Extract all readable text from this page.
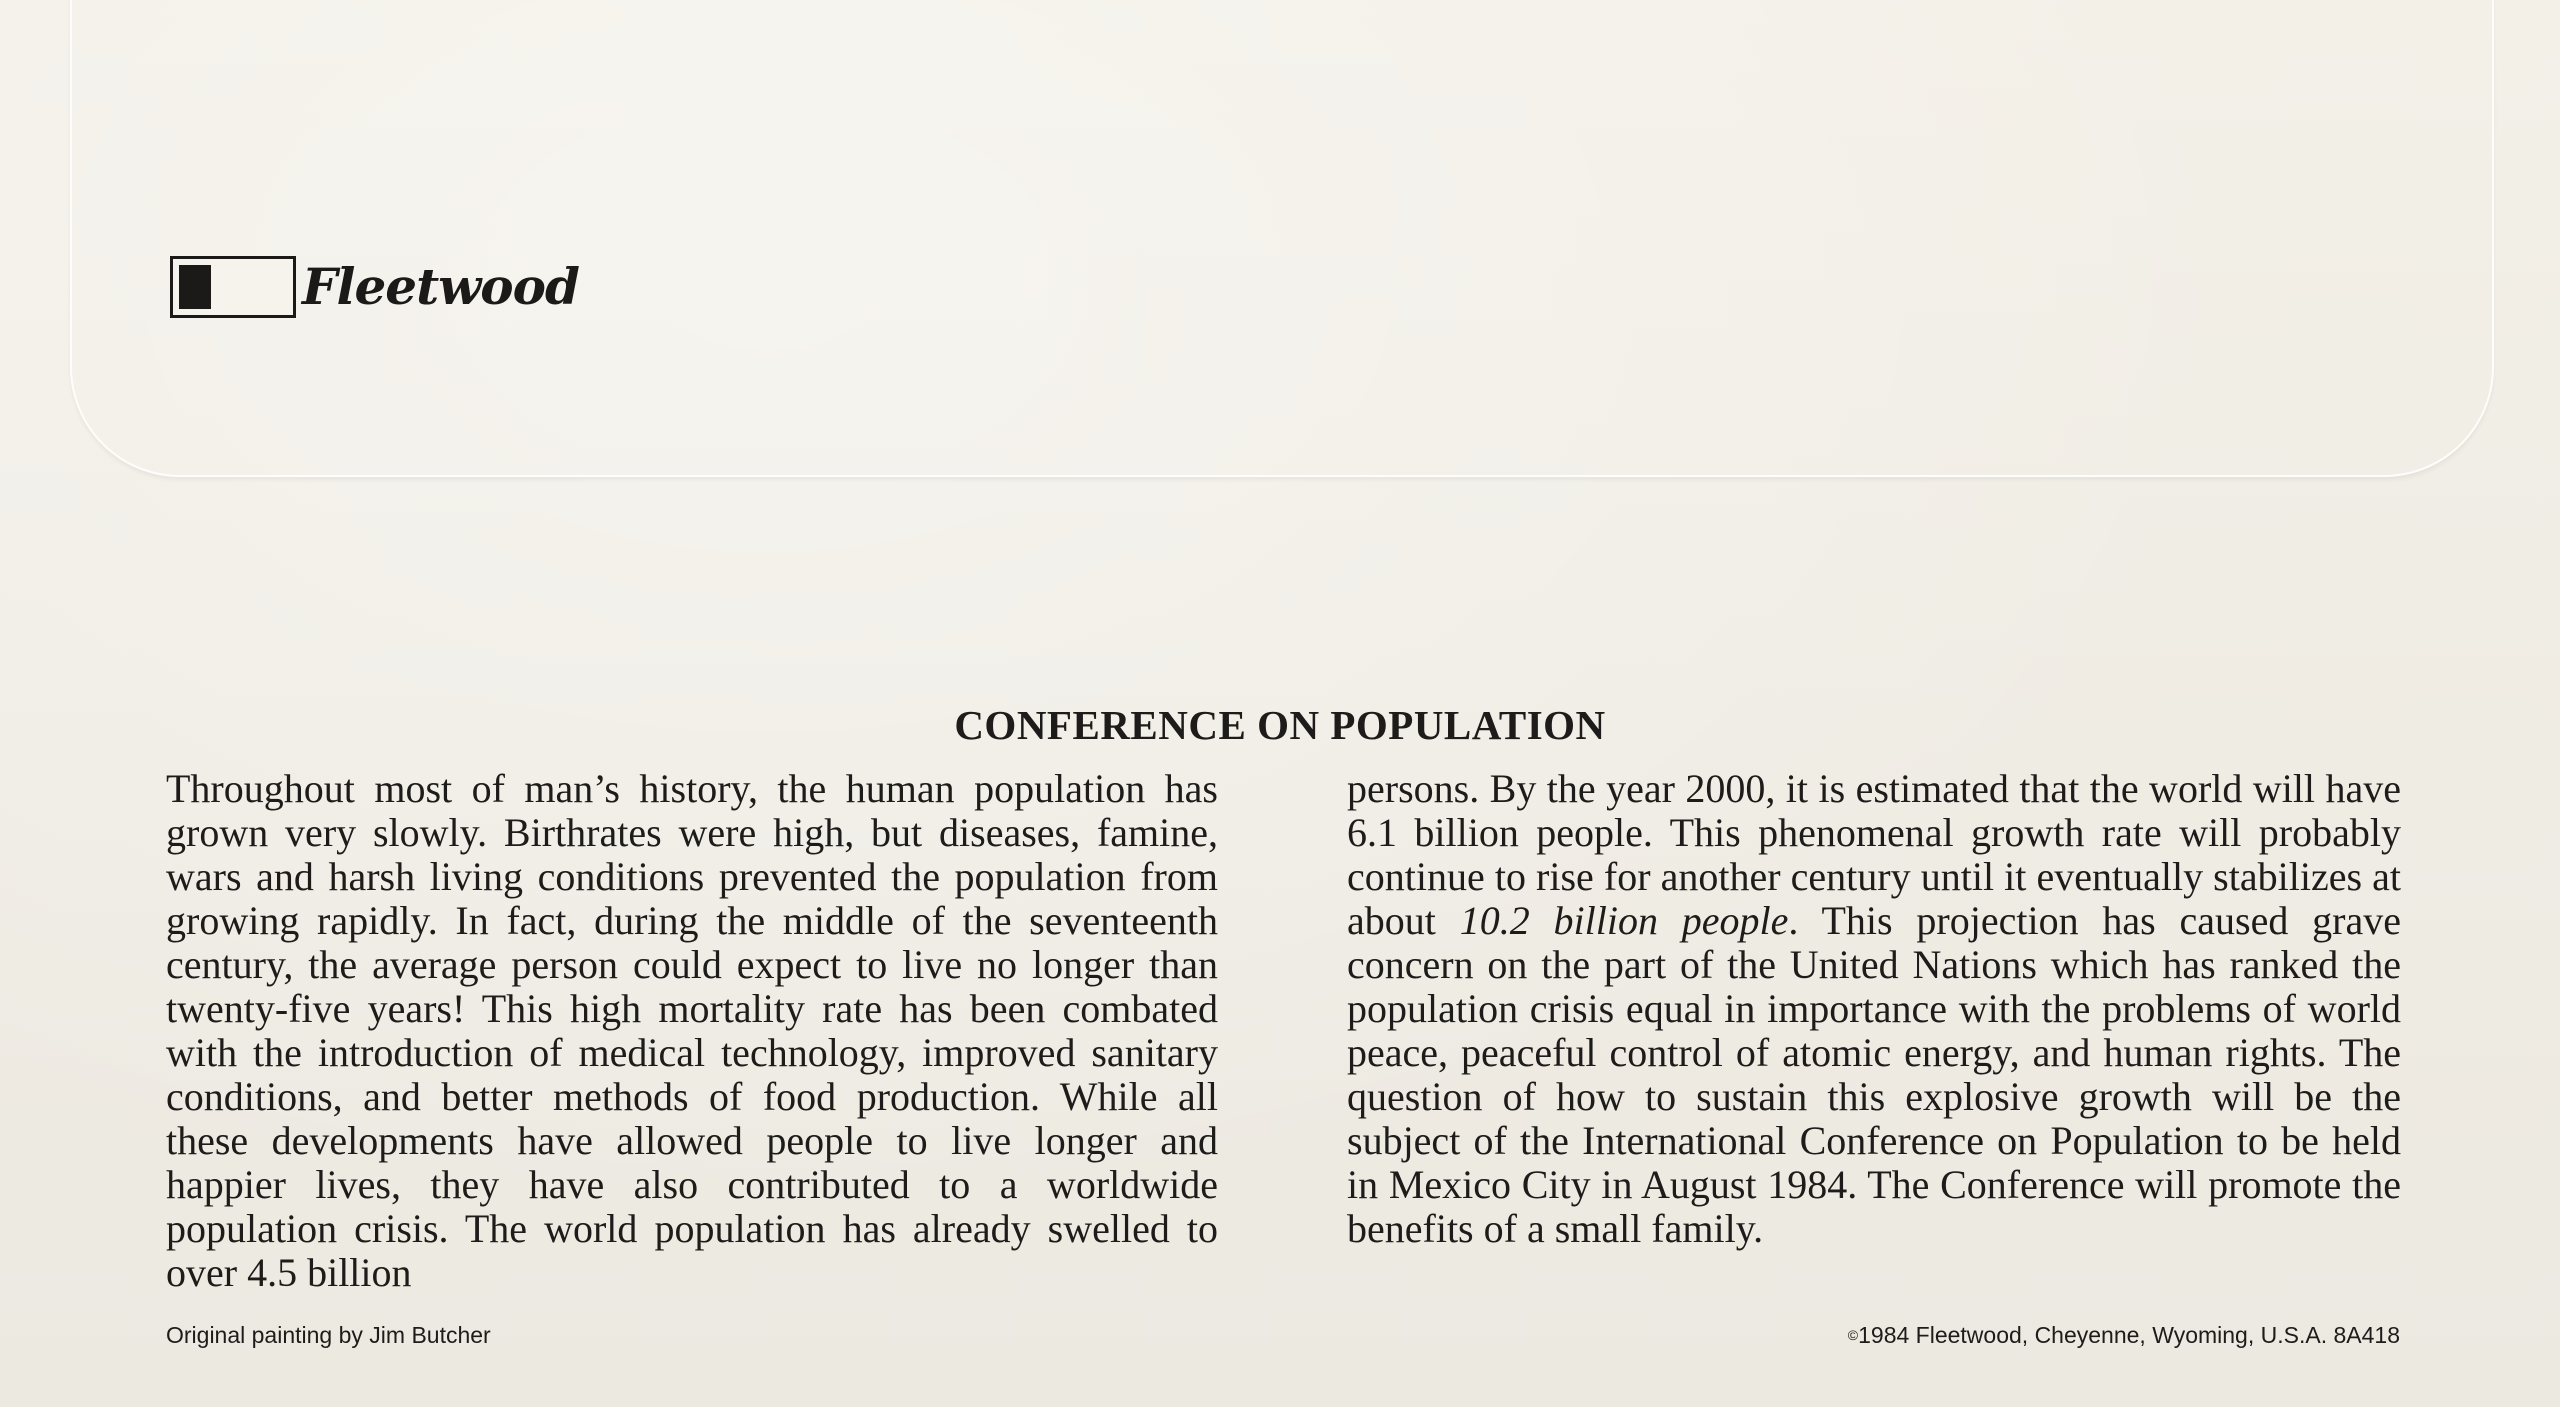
Fleetwood
CONFERENCE ON POPULATION

Throughout most of man’s history, the human population has grown very slowly. Birthrates were high, but diseases, famine, wars and harsh living conditions prevented the population from growing rapidly. In fact, during the middle of the seventeenth century, the average person could expect to live no longer than twenty-five years! This high mortality rate has been combated with the introduction of medical technology, improved sanitary conditions, and better methods of food production. While all these developments have allowed people to live longer and happier lives, they have also contributed to a worldwide population crisis. The world population has already swelled to over 4.5 billion

persons. By the year 2000, it is estimated that the world will have 6.1 billion people. This phenomenal growth rate will probably continue to rise for another century until it eventually stabilizes at about 10.2 billion people. This projection has caused grave concern on the part of the United Nations which has ranked the population crisis equal in importance with the problems of world peace, peaceful control of atomic energy, and human rights. The question of how to sustain this explosive growth will be the subject of the International Conference on Population to be held in Mexico City in August 1984. The Conference will promote the benefits of a small family.

Original painting by Jim Butcher	©1984 Fleetwood, Cheyenne, Wyoming, U.S.A. 8A418
